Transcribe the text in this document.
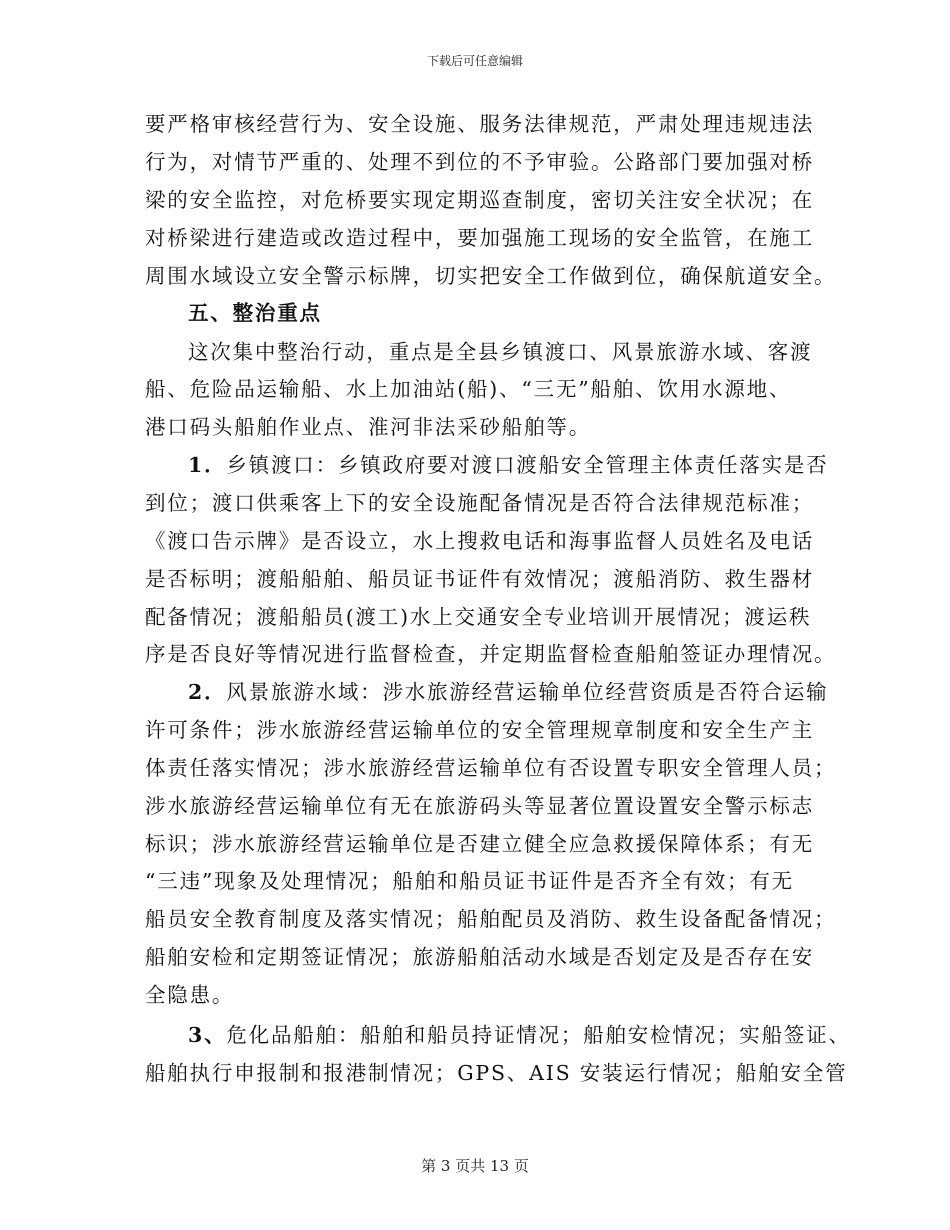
下载后可任意编辑
要严格审核经营行为、安全设施、服务法律规范，严肃处理违规违法
行为，对情节严重的、处理不到位的不予审验。公路部门要加强对桥
梁的安全监控，对危桥要实现定期巡查制度，密切关注安全状况；在
对桥梁进行建造或改造过程中，要加强施工现场的安全监管，在施工
周围水域设立安全警示标牌，切实把安全工作做到位，确保航道安全。
五、整治重点
这次集中整治行动，重点是全县乡镇渡口、风景旅游水域、客渡
船、危险品运输船、水上加油站(船)、“三无”船舶、饮用水源地、
港口码头船舶作业点、淮河非法采砂船舶等。
1．乡镇渡口：乡镇政府要对渡口渡船安全管理主体责任落实是否
到位；渡口供乘客上下的安全设施配备情况是否符合法律规范标准；
《渡口告示牌》是否设立，水上搜救电话和海事监督人员姓名及电话
是否标明；渡船船舶、船员证书证件有效情况；渡船消防、救生器材
配备情况；渡船船员(渡工)水上交通安全专业培训开展情况；渡运秩
序是否良好等情况进行监督检查，并定期监督检查船舶签证办理情况。
2．风景旅游水域：涉水旅游经营运输单位经营资质是否符合运输
许可条件；涉水旅游经营运输单位的安全管理规章制度和安全生产主
体责任落实情况；涉水旅游经营运输单位有否设置专职安全管理人员；
涉水旅游经营运输单位有无在旅游码头等显著位置设置安全警示标志
标识；涉水旅游经营运输单位是否建立健全应急救援保障体系；有无
“三违”现象及处理情况；船舶和船员证书证件是否齐全有效；有无
船员安全教育制度及落实情况；船舶配员及消防、救生设备配备情况；
船舶安检和定期签证情况；旅游船舶活动水域是否划定及是否存在安
全隐患。
3、危化品船舶：船舶和船员持证情况；船舶安检情况；实船签证、
船舶执行申报制和报港制情况；GPS、AIS 安装运行情况；船舶安全管
第 3 页共 13 页
